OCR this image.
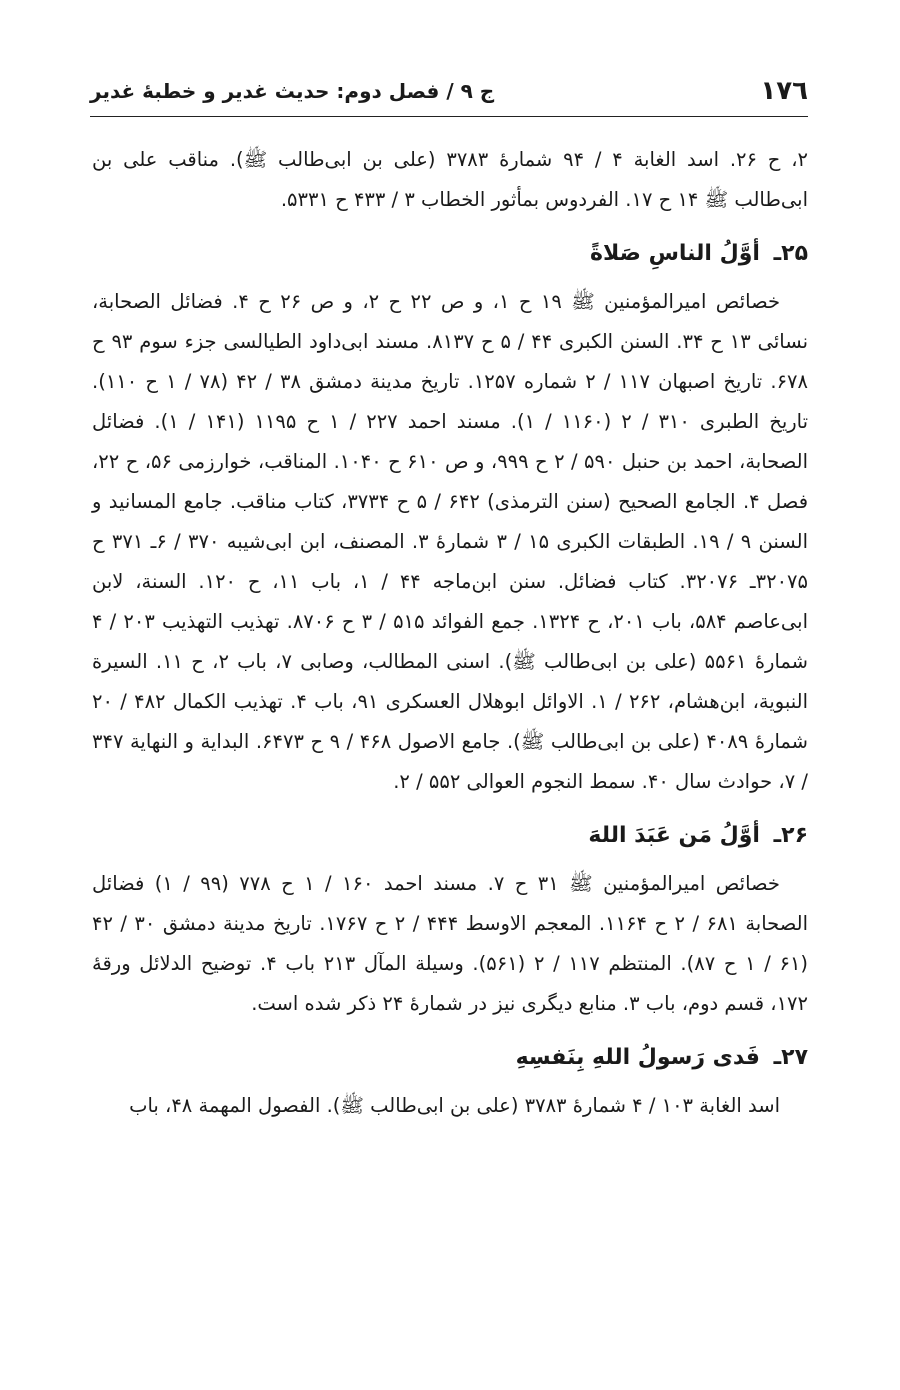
١٧٦
ج ۹ / فصل دوم: حدیث غدیر و خطبهٔ غدیر

۲، ح ۲۶. اسد الغابة ۴ / ۹۴ شمارهٔ ۳۷۸۳ (علی بن ابی‌طالب ﷺ). مناقب علی بن ابی‌طالب ﷺ ۱۴ ح ۱۷. الفردوس بمأثور الخطاب ۳ / ۴۳۳ ح ۵۳۳۱.

۲۵ـ أوَّلُ الناسِ صَلاةً

خصائص امیرالمؤمنین ﷺ ۱۹ ح ۱، و ص ۲۲ ح ۲، و ص ۲۶ ح ۴. فضائل الصحابة، نسائی ۱۳ ح ۳۴. السنن الکبری ۴۴ / ۵ ح ۸۱۳۷. مسند ابی‌داود الطیالسی جزء سوم ۹۳ ح ۶۷۸. تاریخ اصبهان ۱۱۷ / ۲ شماره ۱۲۵۷. تاریخ مدینة دمشق ۳۸ / ۴۲ (۷۸ / ۱ ح ۱۱۰). تاریخ الطبری ۳۱۰ / ۲ (۱۱۶۰ / ۱). مسند احمد ۲۲۷ / ۱ ح ۱۱۹۵ (۱۴۱ / ۱). فضائل الصحابة، احمد بن حنبل ۵۹۰ / ۲ ح ۹۹۹، و ص ۶۱۰ ح ۱۰۴۰. المناقب، خوارزمی ۵۶، ح ۲۲، فصل ۴. الجامع الصحیح (سنن الترمذی) ۶۴۲ / ۵ ح ۳۷۳۴، کتاب مناقب. جامع المسانید و السنن ۹ / ۱۹. الطبقات الکبری ۱۵ / ۳ شمارهٔ ۳. المصنف، ابن ابی‌شیبه ۳۷۰ / ۶ـ ۳۷۱ ح ۳۲۰۷۵ـ ۳۲۰۷۶. کتاب فضائل. سنن ابن‌ماجه ۴۴ / ۱، باب ۱۱، ح ۱۲۰. السنة، لابن ابی‌عاصم ۵۸۴، باب ۲۰۱، ح ۱۳۲۴. جمع الفوائد ۵۱۵ / ۳ ح ۸۷۰۶. تهذیب التهذیب ۲۰۳ / ۴ شمارهٔ ۵۵۶۱ (علی بن ابی‌طالب ﷺ). اسنی المطالب، وصابی ۷، باب ۲، ح ۱۱. السیرة النبویة، ابن‌هشام، ۲۶۲ / ۱. الاوائل ابوهلال العسکری ۹۱، باب ۴. تهذیب الکمال ۴۸۲ / ۲۰ شمارهٔ ۴۰۸۹ (علی بن ابی‌طالب ﷺ). جامع الاصول ۴۶۸ / ۹ ح ۶۴۷۳. البدایة و النهایة ۳۴۷ / ۷، حوادث سال ۴۰. سمط النجوم العوالی ۵۵۲ / ۲.

۲۶ـ أوَّلُ مَن عَبَدَ اللهَ

خصائص امیرالمؤمنین ﷺ ۳۱ ح ۷. مسند احمد ۱۶۰ / ۱ ح ۷۷۸ (۹۹ / ۱) فضائل الصحابة ۶۸۱ / ۲ ح ۱۱۶۴. المعجم الاوسط ۴۴۴ / ۲ ح ۱۷۶۷. تاریخ مدینة دمشق ۳۰ / ۴۲ (۶۱ / ۱ ح ۸۷). المنتظم ۱۱۷ / ۲ (۵۶۱). وسیلة المآل ۲۱۳ باب ۴. توضیح الدلائل ورقهٔ ۱۷۲، قسم دوم، باب ۳. منابع دیگری نیز در شمارهٔ ۲۴ ذکر شده است.

۲۷ـ فَدی رَسولُ اللهِ بِنَفسِهِ

اسد الغابة ۱۰۳ / ۴ شمارهٔ ۳۷۸۳ (علی بن ابی‌طالب ﷺ). الفصول المهمة ۴۸، باب
